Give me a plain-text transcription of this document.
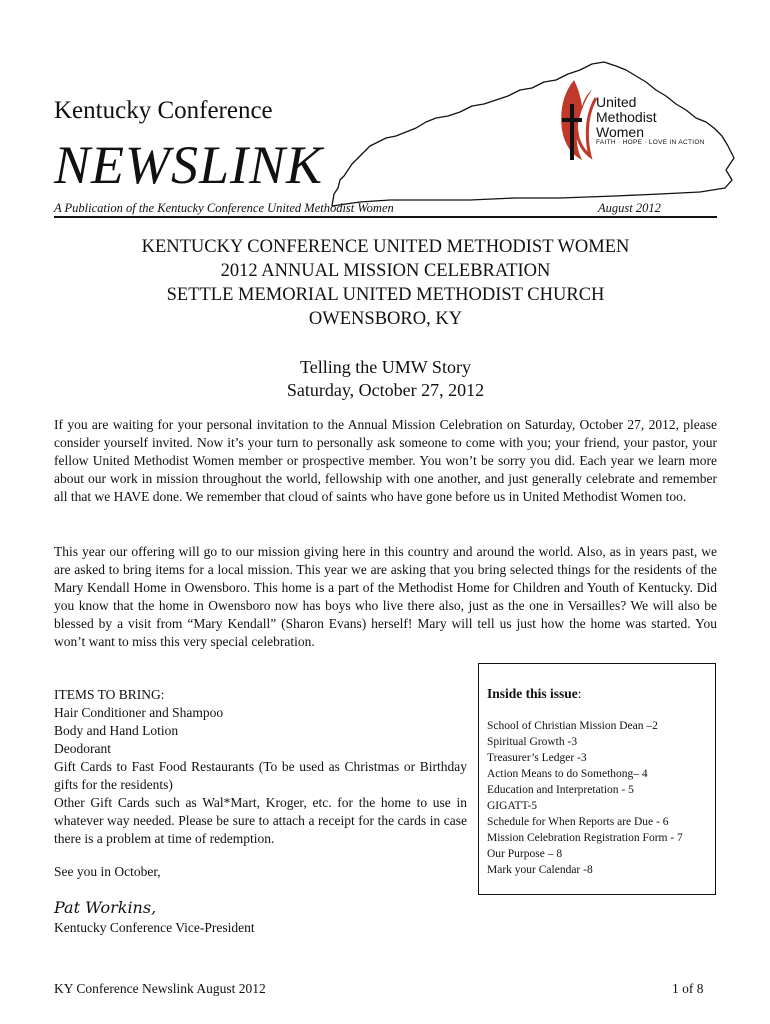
United
Methodist
Women
FAITH · HOPE · LOVE IN ACTION
Kentucky Conference
NEWSLINK
A Publication of the Kentucky Conference United Methodist Women	August 2012
KENTUCKY CONFERENCE UNITED METHODIST WOMEN
2012 ANNUAL MISSION CELEBRATION
SETTLE MEMORIAL UNITED METHODIST CHURCH
OWENSBORO, KY
Telling the UMW Story
Saturday, October 27, 2012
If you are waiting for your personal invitation to the Annual Mission Celebration on Saturday, October 27, 2012, please consider yourself invited. Now it’s your turn to personally ask someone to come with you; your friend, your pastor, your fellow United Methodist Women member or prospective member. You won’t be sorry you did. Each year we learn more about our work in mission throughout the world, fellowship with one another, and just generally celebrate and remember all that we HAVE done. We remember that cloud of saints who have gone before us in United Methodist Women too.
This year our offering will go to our mission giving here in this country and around the world. Also, as in years past, we are asked to bring items for a local mission. This year we are asking that you bring selected things for the residents of the Mary Kendall Home in Owensboro. This home is a part of the Methodist Home for Children and Youth of Kentucky. Did you know that the home in Owensboro now has boys who live there also, just as the one in Versailles? We will also be blessed by a visit from “Mary Kendall” (Sharon Evans) herself! Mary will tell us just how the home was started. You won’t want to miss this very special celebration.
ITEMS TO BRING:
Hair Conditioner and Shampoo
Body and Hand Lotion
Deodorant
Gift Cards to Fast Food Restaurants (To be used as Christmas or Birthday gifts for the residents)
Other Gift Cards such as Wal*Mart, Kroger, etc. for the home to use in whatever way needed. Please be sure to attach a receipt for the cards in case there is a problem at time of redemption.
See you in October,
Pat Workins,
Kentucky Conference Vice-President
Inside this issue:
School of Christian Mission Dean –2
Spiritual Growth -3
Treasurer’s Ledger -3
Action Means to do Somethong– 4
Education and Interpretation - 5
GIGATT-5
Schedule for When Reports are Due - 6
Mission Celebration Registration Form - 7
Our Purpose – 8
Mark your Calendar -8
KY Conference Newslink August 2012	1 of 8
